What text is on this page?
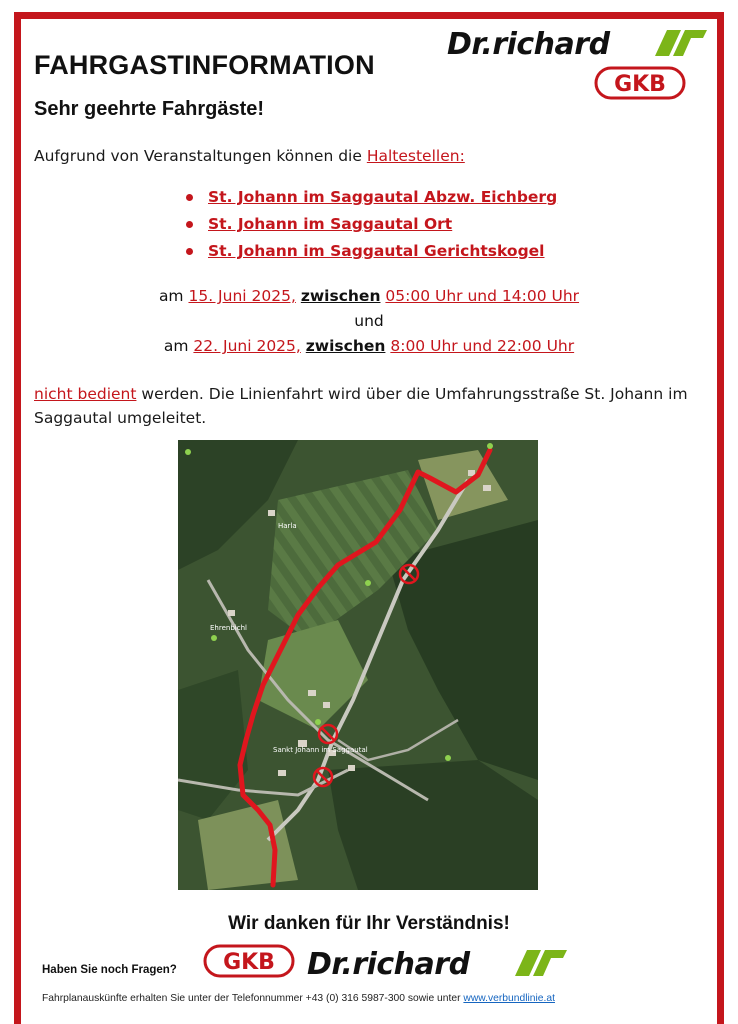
Dr.richard
GKB
FAHRGASTINFORMATION
Sehr geehrte Fahrgäste!
Aufgrund von Veranstaltungen können die Haltestellen:
St. Johann im Saggautal Abzw. Eichberg
St. Johann im Saggautal Ort
St. Johann im Saggautal Gerichtskogel
am 15. Juni 2025, zwischen 05:00 Uhr und 14:00 Uhr
und
am 22. Juni 2025, zwischen 8:00 Uhr und 22:00 Uhr
nicht bedient werden. Die Linienfahrt wird über die Umfahrungsstraße St. Johann im Saggautal umgeleitet.
Ehrenbichl
Sankt Johann im Saggautal
Harla
Wir danken für Ihr Verständnis!
Haben Sie noch Fragen? GKB Dr.richard
Fahrplanauskünfte erhalten Sie unter der Telefonnummer +43 (0) 316 5987-300 sowie unter www.verbundlinie.at
